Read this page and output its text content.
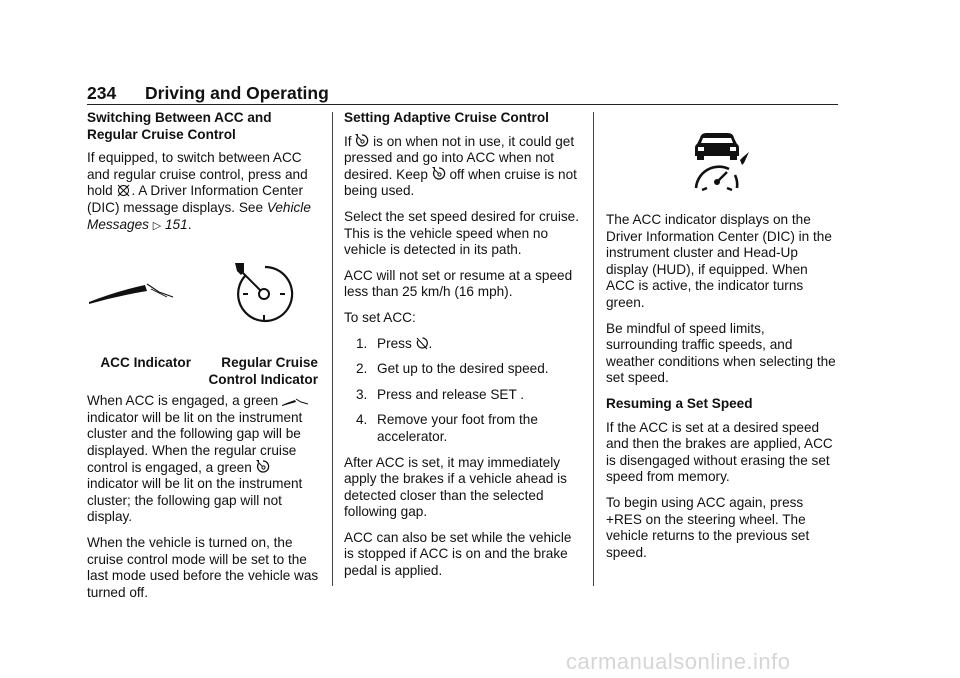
234 Driving and Operating

Switching Between ACC and Regular Cruise Control

If equipped, to switch between ACC and regular cruise control, press and hold . A Driver Information Center (DIC) message displays. See Vehicle Messages ▷ 151.

ACC Indicator	Regular Cruise Control Indicator

When ACC is engaged, a green  indicator will be lit on the instrument cluster and the following gap will be displayed. When the regular cruise control is engaged, a green  indicator will be lit on the instrument cluster; the following gap will not display.

When the vehicle is turned on, the cruise control mode will be set to the last mode used before the vehicle was turned off.

Setting Adaptive Cruise Control

If is on when not in use, it could get pressed and go into ACC when not desired. Keep off when cruise is not being used.

Select the set speed desired for cruise. This is the vehicle speed when no vehicle is detected in its path.

ACC will not set or resume at a speed less than 25 km/h (16 mph).

To set ACC:

1. Press .
2. Get up to the desired speed.
3. Press and release SET .
4. Remove your foot from the accelerator.

After ACC is set, it may immediately apply the brakes if a vehicle ahead is detected closer than the selected following gap.

ACC can also be set while the vehicle is stopped if ACC is on and the brake pedal is applied.

The ACC indicator displays on the Driver Information Center (DIC) in the instrument cluster and Head-Up display (HUD), if equipped. When ACC is active, the indicator turns green.

Be mindful of speed limits, surrounding traffic speeds, and weather conditions when selecting the set speed.

Resuming a Set Speed

If the ACC is set at a desired speed and then the brakes are applied, ACC is disengaged without erasing the set speed from memory.

To begin using ACC again, press +RES on the steering wheel. The vehicle returns to the previous set speed.

carmanualsonline.info
